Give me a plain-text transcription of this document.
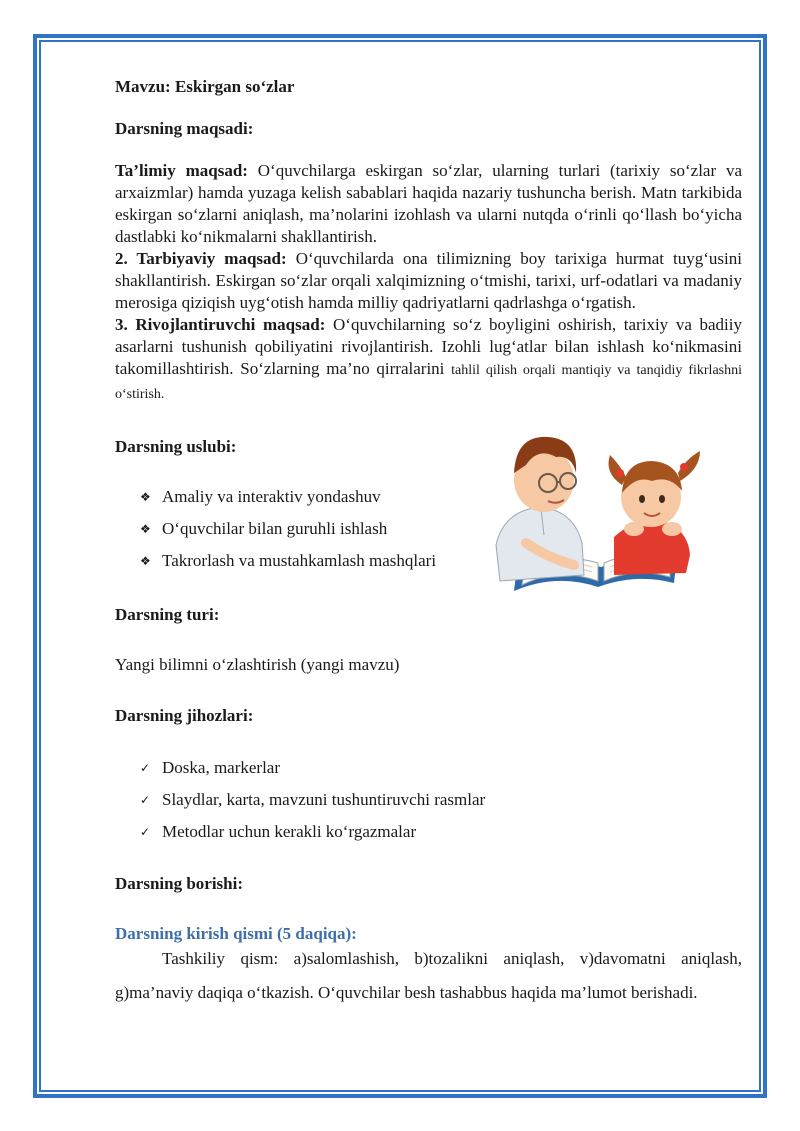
Mavzu: Eskirgan so‘zlar
Darsning maqsadi:
Ta’limiy maqsad: O‘quvchilarga eskirgan so‘zlar, ularning turlari (tarixiy so‘zlar va arxaizmlar) hamda yuzaga kelish sabablari haqida nazariy tushuncha berish. Matn tarkibida eskirgan so‘zlarni aniqlash, ma’nolarini izohlash va ularni nutqda o‘rinli qo‘llash bo‘yicha dastlabki ko‘nikmalarni shakllantirish.
2. Tarbiyaviy maqsad: O‘quvchilarda ona tilimizning boy tarixiga hurmat tuyg‘usini shakllantirish. Eskirgan so‘zlar orqali xalqimizning o‘tmishi, tarixi, urf-odatlari va madaniy merosiga qiziqish uyg‘otish hamda milliy qadriyatlarni qadrlashga o‘rgatish.
3. Rivojlantiruvchi maqsad: O‘quvchilarning so‘z boyligini oshirish, tarixiy va badiiy asarlarni tushunish qobiliyatini rivojlantirish. Izohli lug‘atlar bilan ishlash ko‘nikmasini takomillashtirish. So‘zlarning ma’no qirralarini tahlil qilish orqali mantiqiy va tanqidiy fikrlashni o‘stirish.
Darsning uslubi:
❖ Amaliy va interaktiv yondashuv
❖ O‘quvchilar bilan guruhli ishlash
❖ Takrorlash va mustahkamlash mashqlari
Darsning turi:
Yangi bilimni o‘zlashtirish (yangi mavzu)
Darsning jihozlari:
✓ Doska, markerlar
✓ Slaydlar, karta, mavzuni tushuntiruvchi rasmlar
✓ Metodlar uchun kerakli ko‘rgazmalar
Darsning borishi:
Darsning kirish qismi (5 daqiqa):
Tashkiliy qism: a)salomlashish, b)tozalikni aniqlash, v)davomatni aniqlash, g)ma’naviy daqiqa o‘tkazish. O‘quvchilar besh tashabbus haqida ma’lumot berishadi.
